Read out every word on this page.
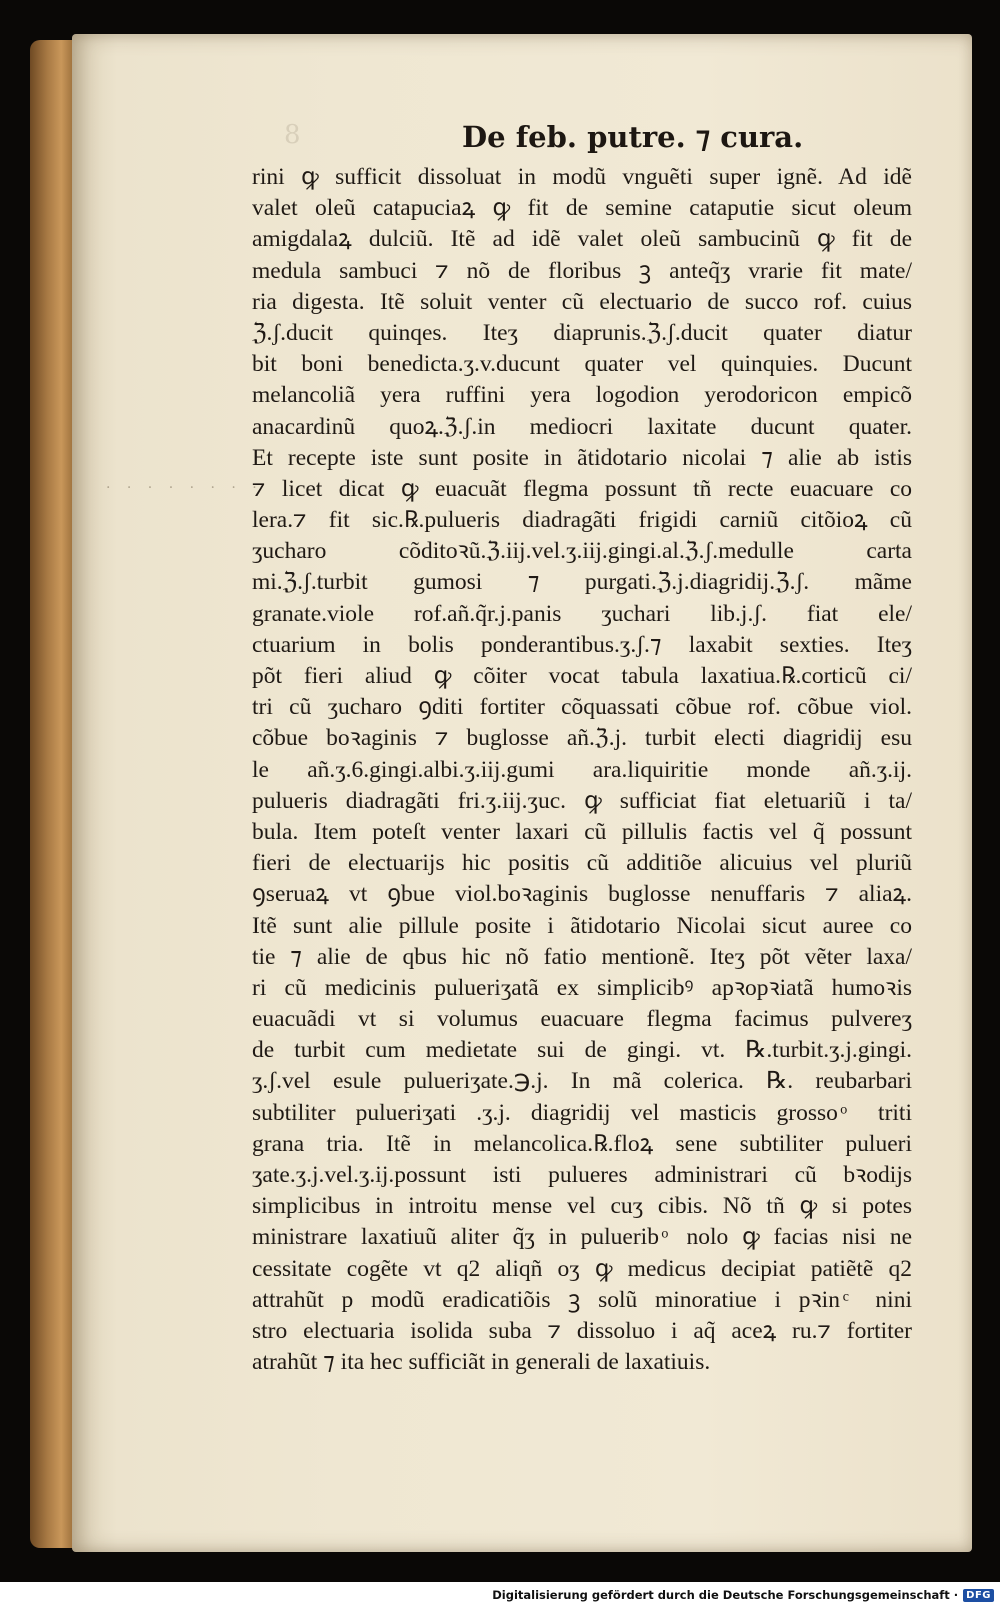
8	De feb. putre. ⁊ cura.
. . . . . . . .
rini ꝙ sufficit dissoluat in modũ vnguẽti super ignẽ. Ad idẽ
valet oleũ catapuciaꝝ ꝙ fit de semine cataputie sicut oleum
amigdalaꝝ dulciũ. Itẽ ad idẽ valet oleũ sambucinũ ꝙ fit de
medula sambuci ⁊ nõ de floribus ꝫ anteq̃ʒ vrarie fit mate/
ria digesta. Itẽ soluit venter cũ electuario de succo rof. cuius
ℨ.ʃ.ducit quinqes. Iteʒ diaprunis.ℨ.ʃ.ducit quater diatur
bit boni benedicta.ʒ.v.ducunt quater vel quinquies. Ducunt
melancoliã yera ruffini yera logodion yerodoricon empicõ
anacardinũ quoꝝ.ℨ.ʃ.in mediocri laxitate ducunt quater.
Et recepte iste sunt posite in ãtidotario nicolai ⁊ alie ab istis
⁊ licet dicat ꝙ euacuãt flegma possunt tñ recte euacuare co
lera.⁊ fit sic.℞.pulueris diadragãti frigidi carniũ citõioꝝ cũ
ʒucharo cõditoꝛũ.ℨ.iij.vel.ʒ.iij.gingi.al.ℨ.ʃ.medulle carta
mi.ℨ.ʃ.turbit gumosi ⁊ purgati.ℨ.j.diagridij.ℨ.ʃ. mãme
granate.viole rof.añ.q̃r.j.panis ʒuchari lib.j.ʃ. fiat ele/
ctuarium in bolis ponderantibus.ʒ.ʃ.⁊ laxabit sexties. Iteʒ
põt fieri aliud ꝙ cõiter vocat tabula laxatiua.℞.corticũ ci/
tri cũ ʒucharo ꝯditi fortiter cõquassati cõbue rof. cõbue viol.
cõbue boꝛaginis ⁊ buglosse añ.ℨ.j. turbit electi diagridij esu
le añ.ʒ.6.gingi.albi.ʒ.iij.gumi ara.liquiritie monde añ.ʒ.ij.
pulueris diadragãti fri.ʒ.iij.ʒuc. ꝙ sufficiat fiat eletuariũ i ta/
bula. Item poteſt venter laxari cũ pillulis factis vel q̃ possunt
fieri de electuarijs hic positis cũ additiõe alicuius vel pluriũ
ꝯseruaꝝ vt ꝯbue viol.boꝛaginis buglosse nenuffaris ⁊ aliaꝝ.
Itẽ sunt alie pillule posite i ãtidotario Nicolai sicut auree co
tie ⁊ alie de qbus hic nõ fatio mentionẽ. Iteʒ põt vẽter laxa/
ri cũ medicinis pulueriʒatã ex simplicibꝰ apꝛopꝛiatã humoꝛis
euacuãdi vt si volumus euacuare flegma facimus pulvereʒ
de turbit cum medietate sui de gingi. vt. ℞.turbit.ʒ.j.gingi.
ʒ.ʃ.vel esule pulueriʒate.℈.j. In mã colerica. ℞. reubarbari
subtiliter pulueriʒati .ʒ.j. diagridij vel masticis grosso ͦ triti
grana tria. Itẽ in melancolica.℞.floꝝ sene subtiliter pulueri
ʒate.ʒ.j.vel.ʒ.ij.possunt isti pulueres administrari cũ bꝛodijs
simplicibus in introitu mense vel cuʒ cibis. Nõ tñ ꝙ si potes
ministrare laxatiuũ aliter q̃ʒ in puluerib ͦ nolo ꝙ facias nisi ne
cessitate cogẽte vt q2 aliqñ oʒ ꝙ medicus decipiat patiẽtẽ q2
attrahũt p modũ eradicatiõis ꝫ solũ minoratiue i pꝛin ͨ nini
stro electuaria isolida suba ⁊ dissoluo i aq̃ aceꝝ ru.⁊ fortiter
atrahũt ⁊ ita hec sufficiãt in generali de laxatiuis.
Digitalisierung gefördert durch die Deutsche Forschungsgemeinschaft · DFG
